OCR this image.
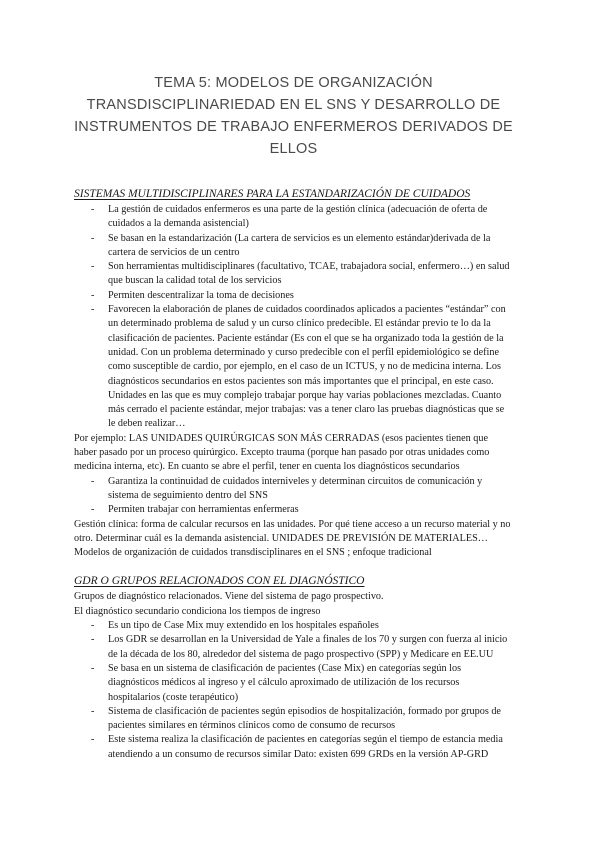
TEMA 5: MODELOS DE ORGANIZACIÓN TRANSDISCIPLINARIEDAD EN EL SNS Y DESARROLLO DE
INSTRUMENTOS DE TRABAJO ENFERMEROS DERIVADOS DE ELLOS
SISTEMAS MULTIDISCIPLINARES PARA LA ESTANDARIZACIÓN DE CUIDADOS
- La gestión de cuidados enfermeros es una parte de la gestión clínica (adecuación de oferta de cuidados a la demanda asistencial)
- Se basan en la estandarización (La cartera de servicios es un elemento estándar)derivada de la cartera de servicios de un centro
- Son herramientas multidisciplinares (facultativo, TCAE, trabajadora social, enfermero…) en salud que buscan la calidad total de los servicios
- Permiten descentralizar la toma de decisiones
- Favorecen la elaboración de planes de cuidados coordinados aplicados a pacientes “estándar” con un determinado problema de salud y un curso clínico predecible. El estándar previo te lo da la clasificación de pacientes. Paciente estándar (Es con el que se ha organizado toda la gestión de la unidad. Con un problema determinado y curso predecible con el perfil epidemiológico se define como susceptible de cardio, por ejemplo, en el caso de un ICTUS, y no de medicina interna. Los diagnósticos secundarios en estos pacientes son más importantes que el principal, en este caso. Unidades en las que es muy complejo trabajar porque hay varias poblaciones mezcladas. Cuanto más cerrado el paciente estándar, mejor trabajas: vas a tener claro las pruebas diagnósticas que se le deben realizar…

Por ejemplo: LAS UNIDADES QUIRÚRGICAS SON MÁS CERRADAS (esos pacientes tienen que haber pasado por un proceso quirúrgico. Excepto trauma (porque han pasado por otras unidades como medicina interna, etc). En cuanto se abre el perfil, tener en cuenta los diagnósticos secundarios

- Garantiza la continuidad de cuidados interniveles y determinan circuitos de comunicación y sistema de seguimiento dentro del SNS
- Permiten trabajar con herramientas enfermeras

Gestión clínica: forma de calcular recursos en las unidades. Por qué tiene acceso a un recurso material y no otro. Determinar cuál es la demanda asistencial. UNIDADES DE PREVISIÓN DE MATERIALES…

Modelos de organización de cuidados transdisciplinares en el SNS ; enfoque tradicional

GDR O GRUPOS RELACIONADOS CON EL DIAGNÓSTICO

Grupos de diagnóstico relacionados. Viene del sistema de pago prospectivo.

El diagnóstico secundario condiciona los tiempos de ingreso

- Es un tipo de Case Mix muy extendido en los hospitales españoles
- Los GDR se desarrollan en la Universidad de Yale a finales de los 70 y surgen con fuerza al inicio de la década de los 80, alrededor del sistema de pago prospectivo (SPP) y Medicare en EE.UU
- Se basa en un sistema de clasificación de pacientes (Case Mix) en categorías según los diagnósticos médicos al ingreso y el cálculo aproximado de utilización de los recursos hospitalarios (coste terapéutico)
- Sistema de clasificación de pacientes según episodios de hospitalización, formado por grupos de pacientes similares en términos clínicos como de consumo de recursos
- Este sistema realiza la clasificación de pacientes en categorías según el tiempo de estancia media atendiendo a un consumo de recursos similar Dato: existen 699 GRDs en la versión AP-GRD
